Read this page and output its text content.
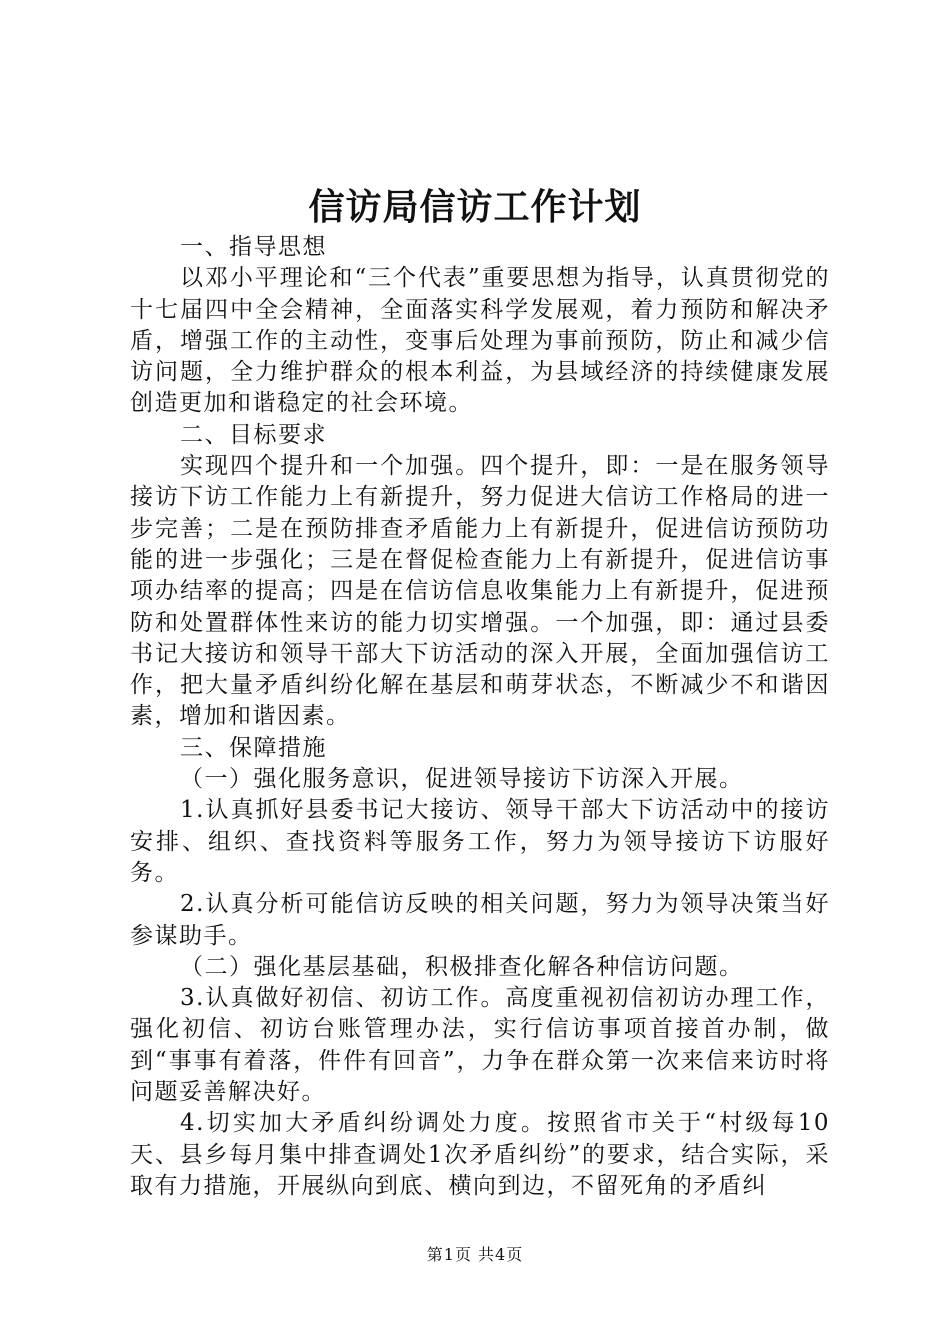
信访局信访工作计划

一、指导思想

以邓小平理论和“三个代表”重要思想为指导，认真贯彻党的十七届四中全会精神，全面落实科学发展观，着力预防和解决矛盾，增强工作的主动性，变事后处理为事前预防，防止和减少信访问题，全力维护群众的根本利益，为县域经济的持续健康发展创造更加和谐稳定的社会环境。

二、目标要求

实现四个提升和一个加强。四个提升，即：一是在服务领导接访下访工作能力上有新提升，努力促进大信访工作格局的进一步完善；二是在预防排查矛盾能力上有新提升，促进信访预防功能的进一步强化；三是在督促检查能力上有新提升，促进信访事项办结率的提高；四是在信访信息收集能力上有新提升，促进预防和处置群体性来访的能力切实增强。一个加强，即：通过县委书记大接访和领导干部大下访活动的深入开展，全面加强信访工作，把大量矛盾纠纷化解在基层和萌芽状态，不断减少不和谐因素，增加和谐因素。

三、保障措施

（一）强化服务意识，促进领导接访下访深入开展。

1.认真抓好县委书记大接访、领导干部大下访活动中的接访安排、组织、查找资料等服务工作，努力为领导接访下访服好务。

2.认真分析可能信访反映的相关问题，努力为领导决策当好参谋助手。

（二）强化基层基础，积极排查化解各种信访问题。

3.认真做好初信、初访工作。高度重视初信初访办理工作，强化初信、初访台账管理办法，实行信访事项首接首办制，做到“事事有着落，件件有回音”，力争在群众第一次来信来访时将问题妥善解决好。

4.切实加大矛盾纠纷调处力度。按照省市关于“村级每10天、县乡每月集中排查调处1次矛盾纠纷”的要求，结合实际，采取有力措施，开展纵向到底、横向到边，不留死角的矛盾纠

第1页 共4页
